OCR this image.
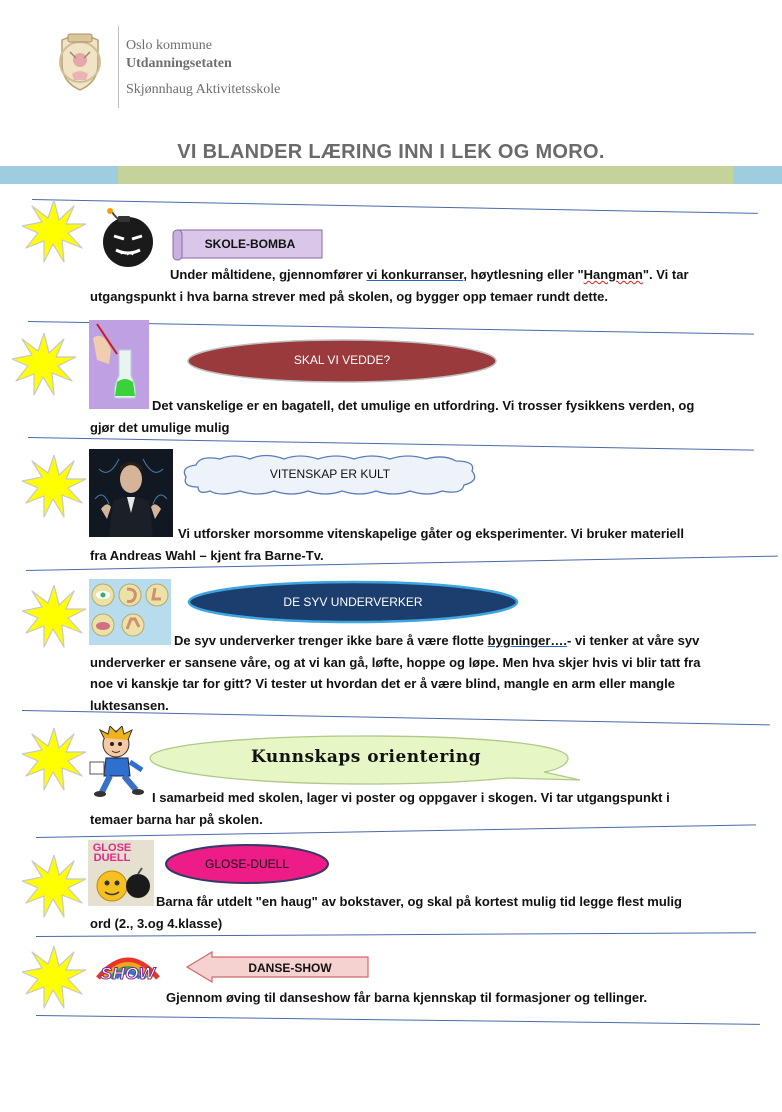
Oslo kommune
Utdanningsetaten
Skjønnhaug Aktivitetsskole
VI BLANDER LÆRING INN I LEK OG MORO.
SKOLE-BOMBA
Under måltidene, gjennomfører vi konkurranser, høytlesning eller "Hangman". Vi tar utgangspunkt i hva barna strever med på skolen, og bygger opp temaer rundt dette.
SKAL VI VEDDE?
Det vanskelige er en bagatell, det umulige en utfordring. Vi trosser fysikkens verden, og gjør det umulige mulig
VITENSKAP ER KULT
Vi utforsker morsomme vitenskapelige gåter og eksperimenter. Vi bruker materiell fra Andreas Wahl – kjent fra Barne-Tv.
DE SYV UNDERVERKER
De syv underverker trenger ikke bare å være flotte bygninger….- vi tenker at våre syv underverker er sansene våre, og at vi kan gå, løfte, hoppe og løpe. Men hva skjer hvis vi blir tatt fra noe vi kanskje tar for gitt? Vi tester ut hvordan det er å være blind, mangle en arm eller mangle luktesansen.
Kunnskaps orientering
I samarbeid med skolen, lager vi poster og oppgaver i skogen. Vi tar utgangspunkt i temaer barna har på skolen.
GLOSE DUELL	GLOSE-DUELL
Barna får utdelt "en haug" av bokstaver, og skal på kortest mulig tid legge flest mulig ord (2., 3.og 4.klasse)
SHOW	DANSE-SHOW
Gjennom øving til danseshow får barna kjennskap til formasjoner og tellinger.
